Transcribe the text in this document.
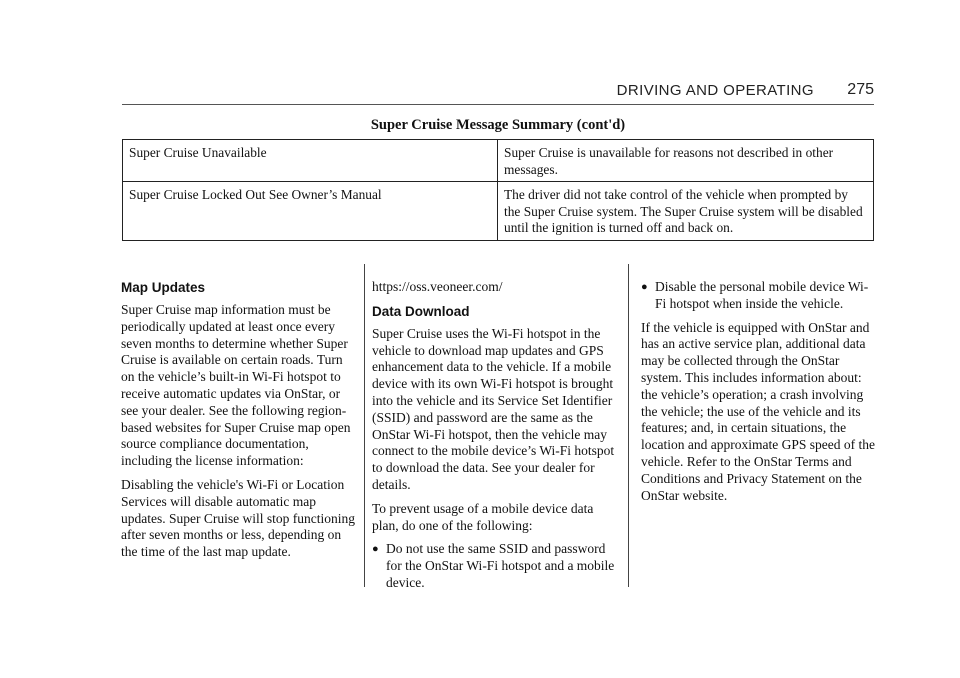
DRIVING AND OPERATING 275
Super Cruise Message Summary (cont'd)
Super Cruise Unavailable	Super Cruise is unavailable for reasons not described in other messages.
Super Cruise Locked Out See Owner’s Manual	The driver did not take control of the vehicle when prompted by the Super Cruise system. The Super Cruise system will be disabled until the ignition is turned off and back on.
Map Updates

Super Cruise map information must be periodically updated at least once every seven months to determine whether Super Cruise is available on certain roads. Turn on the vehicle’s built-in Wi-Fi hotspot to receive automatic updates via OnStar, or see your dealer. See the following region-based websites for Super Cruise map open source compliance documentation, including the license information:

Disabling the vehicle's Wi-Fi or Location Services will disable automatic map updates. Super Cruise will stop functioning after seven months or less, depending on the time of the last map update.

https://oss.veoneer.com/

Data Download

Super Cruise uses the Wi-Fi hotspot in the vehicle to download map updates and GPS enhancement data to the vehicle. If a mobile device with its own Wi-Fi hotspot is brought into the vehicle and its Service Set Identifier (SSID) and password are the same as the OnStar Wi-Fi hotspot, then the vehicle may connect to the mobile device’s Wi-Fi hotspot to download the data. See your dealer for details.

To prevent usage of a mobile device data plan, do one of the following:

● Do not use the same SSID and password for the OnStar Wi-Fi hotspot and a mobile device.
● Disable the personal mobile device Wi-Fi hotspot when inside the vehicle.

If the vehicle is equipped with OnStar and has an active service plan, additional data may be collected through the OnStar system. This includes information about: the vehicle’s operation; a crash involving the vehicle; the use of the vehicle and its features; and, in certain situations, the location and approximate GPS speed of the vehicle. Refer to the OnStar Terms and Conditions and Privacy Statement on the OnStar website.
